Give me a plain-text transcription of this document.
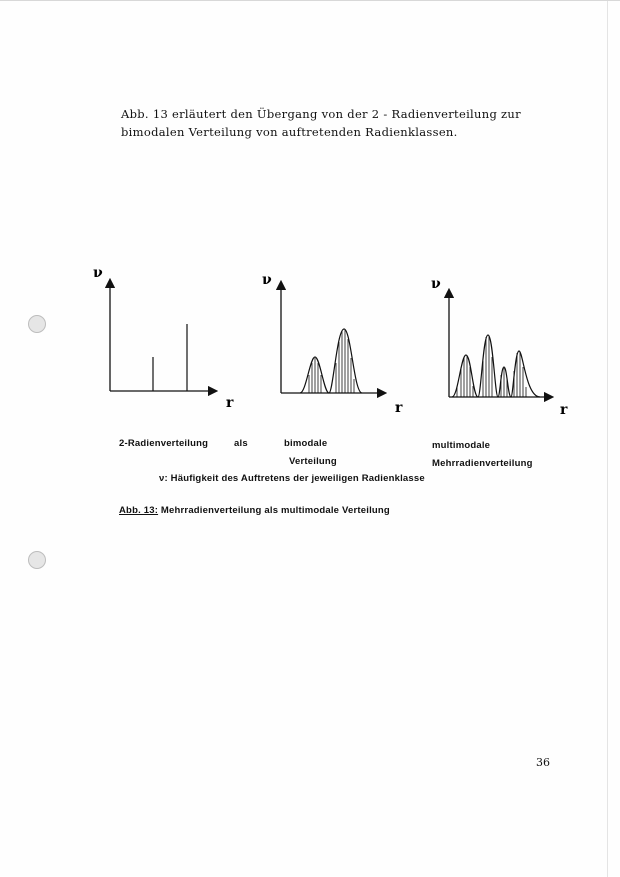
Abb. 13 erläutert den Übergang von der 2 - Radienverteilung zur bimodalen Verteilung von auftretenden Radienklassen.

ν
r
ν
r
ν
r
2-Radienverteilung	als	bimodale
Verteilung
multimodale
Mehrradienverteilung
ν: Häufigkeit des Auftretens der jeweiligen Radienklasse
Abb. 13: Mehrradienverteilung als multimodale Verteilung
36
